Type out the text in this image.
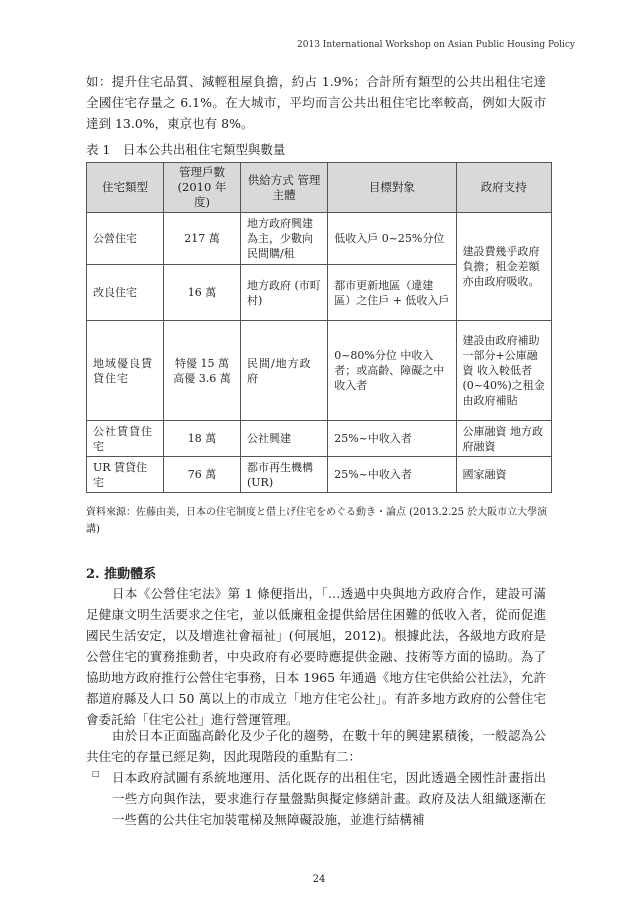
2013 International Workshop on Asian Public Housing Policy

如：提升住宅品質、減輕租屋負擔，約占 1.9%；合計所有類型的公共出租住宅達全國住宅存量之 6.1%。在大城市，平均而言公共出租住宅比率較高，例如大阪市達到 13.0%，東京也有 8%。

表 1　日本公共出租住宅類型與數量
住宅類型	管理戶數 (2010 年度)	供給方式 管理主體	目標對象	政府支持
公營住宅	217 萬	地方政府興建為主，少數向民間購/租	低收入戶 0~25%分位	建設費幾乎政府負擔；租金差額亦由政府吸收。
改良住宅	16 萬	地方政府 (市町村)	都市更新地區（違建區）之住戶 + 低收入戶	
地域優良賃貸住宅	特優 15 萬 高優 3.6 萬	民間/地方政府	0~80%分位 中收入者；或高齡、障礙之中收入者	建設由政府補助一部分+公庫融資 收入較低者(0~40%)之租金由政府補貼
公社賃貸住宅	18 萬	公社興建	25%~中收入者	公庫融資 地方政府融資
UR 賃貸住宅	76 萬	都市再生機構 (UR)	25%~中收入者	國家融資
資料來源：佐藤由美，日本の住宅制度と借上げ住宅をめぐる動き・論点 (2013.2.25 於大阪市立大學演講)
2. 推動體系

日本《公營住宅法》第 1 條便指出，「…透過中央與地方政府合作，建設可滿足健康文明生活要求之住宅，並以低廉租金提供給居住困難的低收入者，從而促進國民生活安定，以及增進社會福祉」(何展旭，2012)。根據此法，各級地方政府是公營住宅的實務推動者，中央政府有必要時應提供金融、技術等方面的協助。為了協助地方政府推行公營住宅事務，日本 1965 年通過《地方住宅供給公社法》，允許都道府縣及人口 50 萬以上的市成立「地方住宅公社」。有許多地方政府的公營住宅會委託給「住宅公社」進行營運管理。

由於日本正面臨高齡化及少子化的趨勢，在數十年的興建累積後，一般認為公共住宅的存量已經足夠，因此現階段的重點有二：

□ 日本政府試圖有系統地運用、活化既存的出租住宅，因此透過全國性計畫指出一些方向與作法，要求進行存量盤點與擬定修繕計畫。政府及法人組織逐漸在一些舊的公共住宅加裝電梯及無障礙設施，並進行結構補

24
